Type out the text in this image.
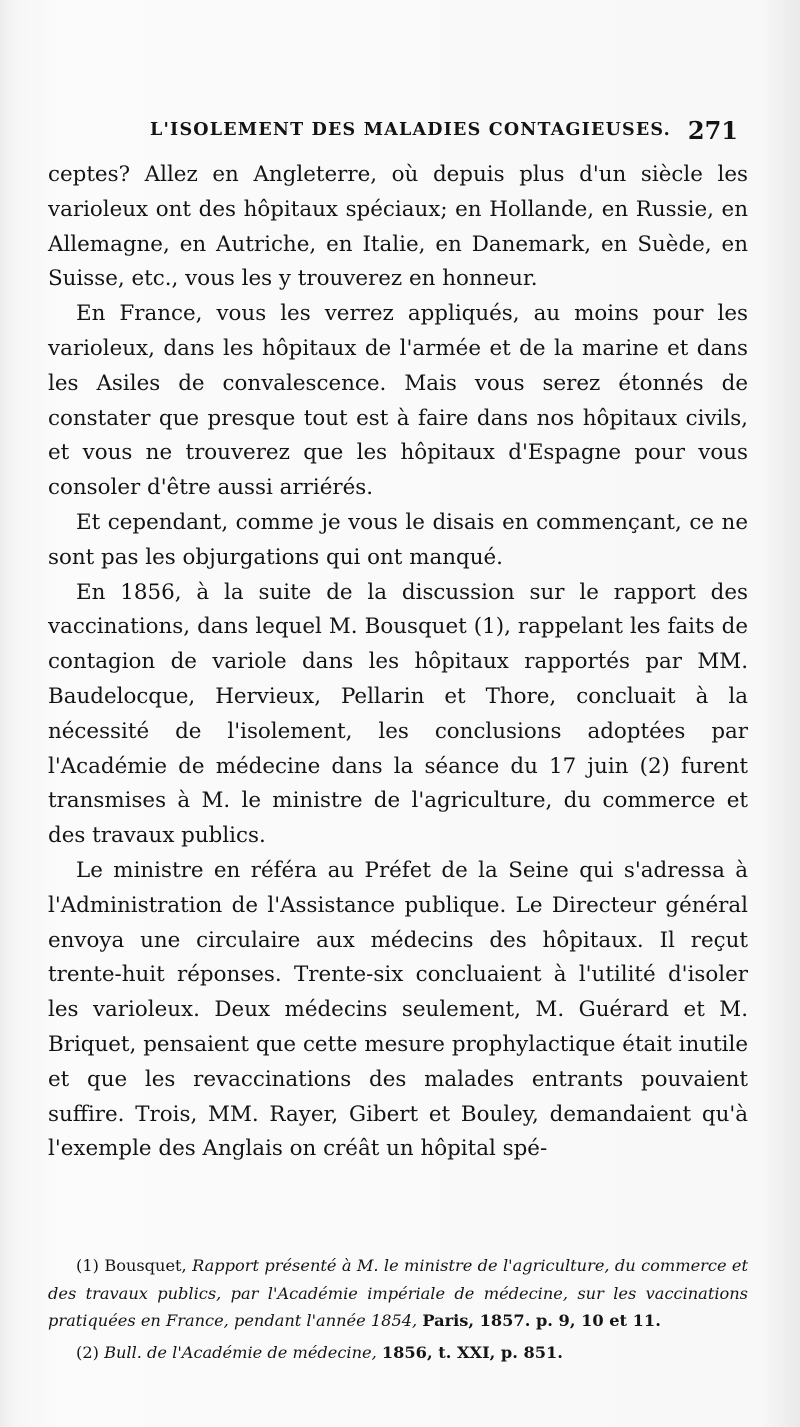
L'ISOLEMENT DES MALADIES CONTAGIEUSES. 271

ceptes? Allez en Angleterre, où depuis plus d'un siècle les varioleux ont des hôpitaux spéciaux; en Hollande, en Russie, en Allemagne, en Autriche, en Italie, en Danemark, en Suède, en Suisse, etc., vous les y trouverez en honneur.

En France, vous les verrez appliqués, au moins pour les varioleux, dans les hôpitaux de l'armée et de la marine et dans les Asiles de convalescence. Mais vous serez étonnés de constater que presque tout est à faire dans nos hôpitaux civils, et vous ne trouverez que les hôpitaux d'Espagne pour vous consoler d'être aussi arriérés.

Et cependant, comme je vous le disais en commençant, ce ne sont pas les objurgations qui ont manqué.

En 1856, à la suite de la discussion sur le rapport des vaccinations, dans lequel M. Bousquet (1), rappelant les faits de contagion de variole dans les hôpitaux rapportés par MM. Baudelocque, Hervieux, Pellarin et Thore, concluait à la nécessité de l'isolement, les conclusions adoptées par l'Académie de médecine dans la séance du 17 juin (2) furent transmises à M. le ministre de l'agriculture, du commerce et des travaux publics.

Le ministre en référa au Préfet de la Seine qui s'adressa à l'Administration de l'Assistance publique. Le Directeur général envoya une circulaire aux médecins des hôpitaux. Il reçut trente-huit réponses. Trente-six concluaient à l'utilité d'isoler les varioleux. Deux médecins seulement, M. Guérard et M. Briquet, pensaient que cette mesure prophylactique était inutile et que les revaccinations des malades entrants pouvaient suffire. Trois, MM. Rayer, Gibert et Bouley, demandaient qu'à l'exemple des Anglais on créât un hôpital spé-

(1) Bousquet, Rapport présenté à M. le ministre de l'agriculture, du commerce et des travaux publics, par l'Académie impériale de médecine, sur les vaccinations pratiquées en France, pendant l'année 1854, Paris, 1857. p. 9, 10 et 11.

(2) Bull. de l'Académie de médecine, 1856, t. XXI, p. 851.
